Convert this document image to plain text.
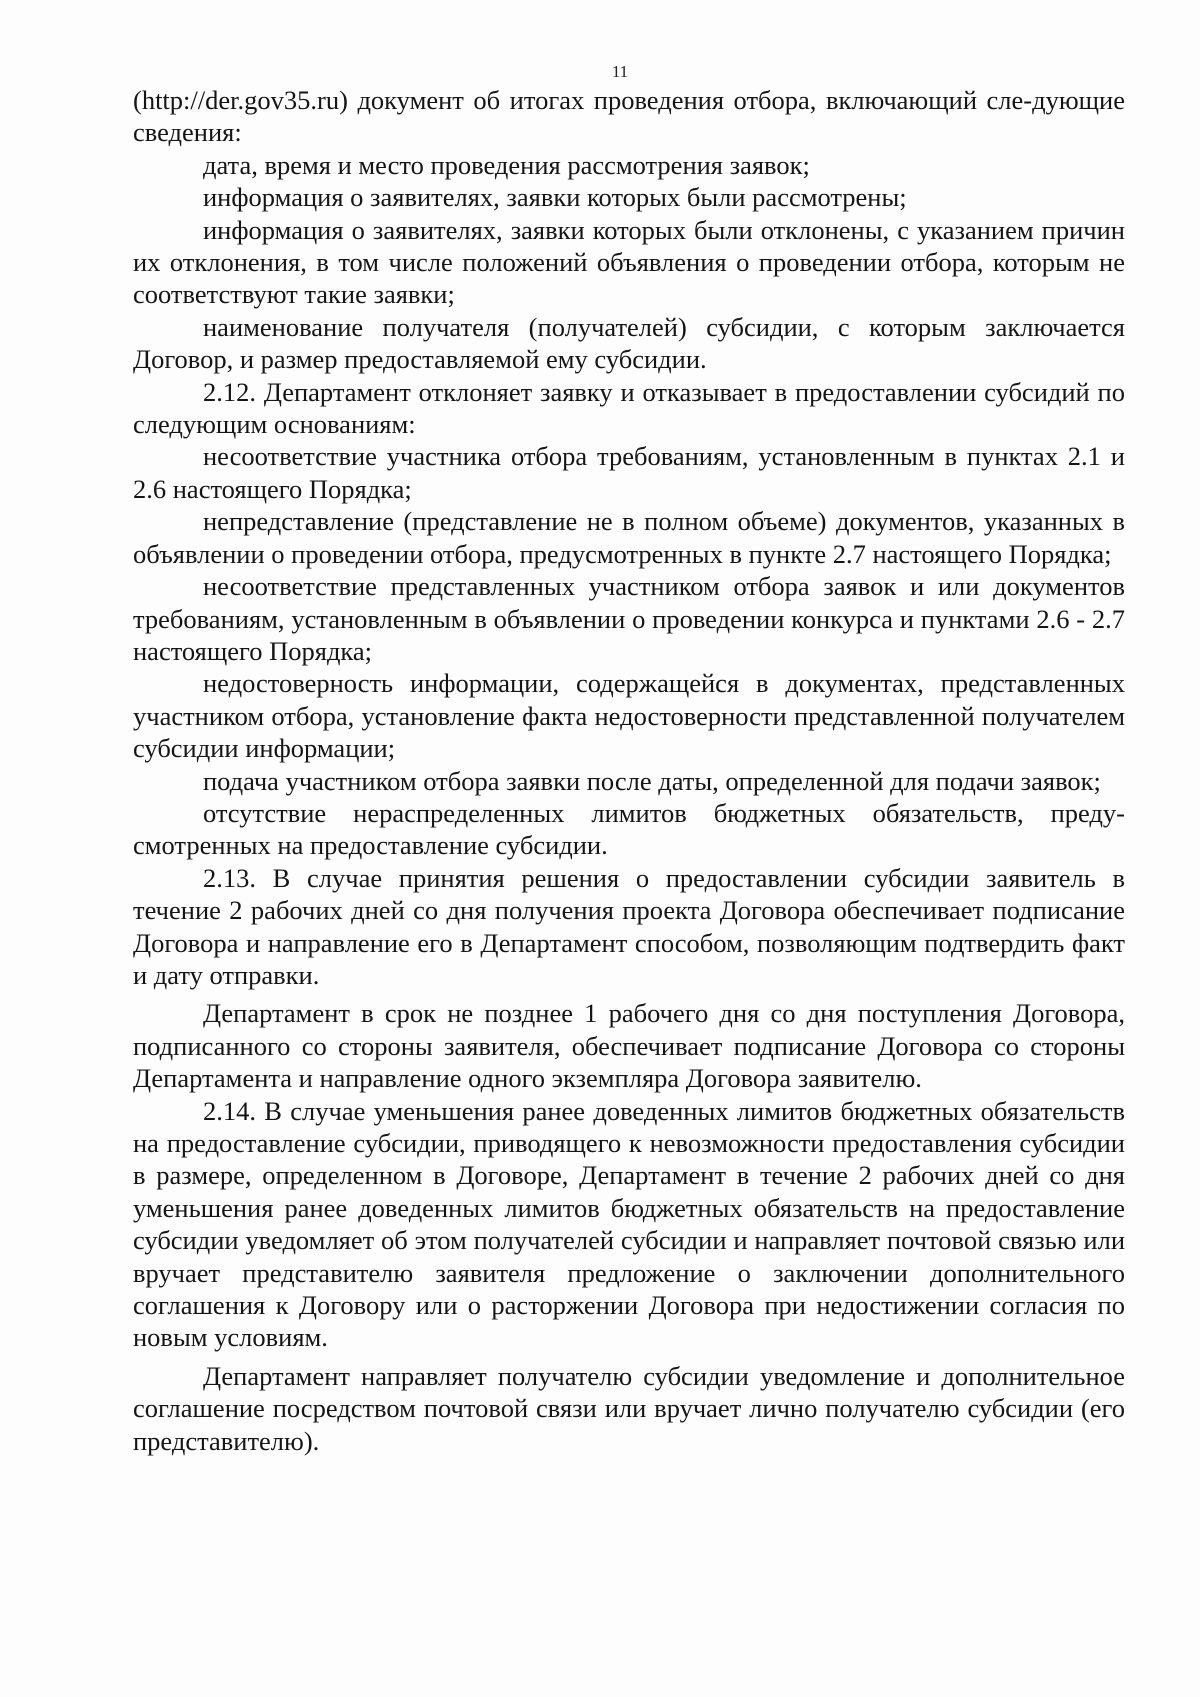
11

(http://der.gov35.ru) документ об итогах проведения отбора, включающий сле-дующие сведения:

дата, время и место проведения рассмотрения заявок;

информация о заявителях, заявки которых были рассмотрены;

информация о заявителях, заявки которых были отклонены, с указанием причин их отклонения, в том числе положений объявления о проведении отбора, которым не соответствуют такие заявки;

наименование получателя (получателей) субсидии, с которым заключается Договор, и размер предоставляемой ему субсидии.

2.12. Департамент отклоняет заявку и отказывает в предоставлении субсидий по следующим основаниям:

несоответствие участника отбора требованиям, установленным в пунктах 2.1 и 2.6 настоящего Порядка;

непредставление (представление не в полном объеме) документов, указанных в объявлении о проведении отбора, предусмотренных в пункте 2.7 настоящего Порядка;

несоответствие представленных участником отбора заявок и или документов требованиям, установленным в объявлении о проведении конкурса и пунктами 2.6 - 2.7 настоящего Порядка;

недостоверность информации, содержащейся в документах, представленных участником отбора, установление факта недостоверности представленной получателем субсидии информации;

подача участником отбора заявки после даты, определенной для подачи заявок;

отсутствие нераспределенных лимитов бюджетных обязательств, предусмотренных на предоставление субсидии.

2.13. В случае принятия решения о предоставлении субсидии заявитель в течение 2 рабочих дней со дня получения проекта Договора обеспечивает подписание Договора и направление его в Департамент способом, позволяющим подтвердить факт и дату отправки.

Департамент в срок не позднее 1 рабочего дня со дня поступления Договора, подписанного со стороны заявителя, обеспечивает подписание Договора со стороны Департамента и направление одного экземпляра Договора заявителю.

2.14. В случае уменьшения ранее доведенных лимитов бюджетных обязательств на предоставление субсидии, приводящего к невозможности предоставления субсидии в размере, определенном в Договоре, Департамент в течение 2 рабочих дней со дня уменьшения ранее доведенных лимитов бюджетных обязательств на предоставление субсидии уведомляет об этом получателей субсидии и направляет почтовой связью или вручает представителю заявителя предложение о заключении дополнительного соглашения к Договору или о расторжении Договора при недостижении согласия по новым условиям.

Департамент направляет получателю субсидии уведомление и дополнительное соглашение посредством почтовой связи или вручает лично получателю субсидии (его представителю).
